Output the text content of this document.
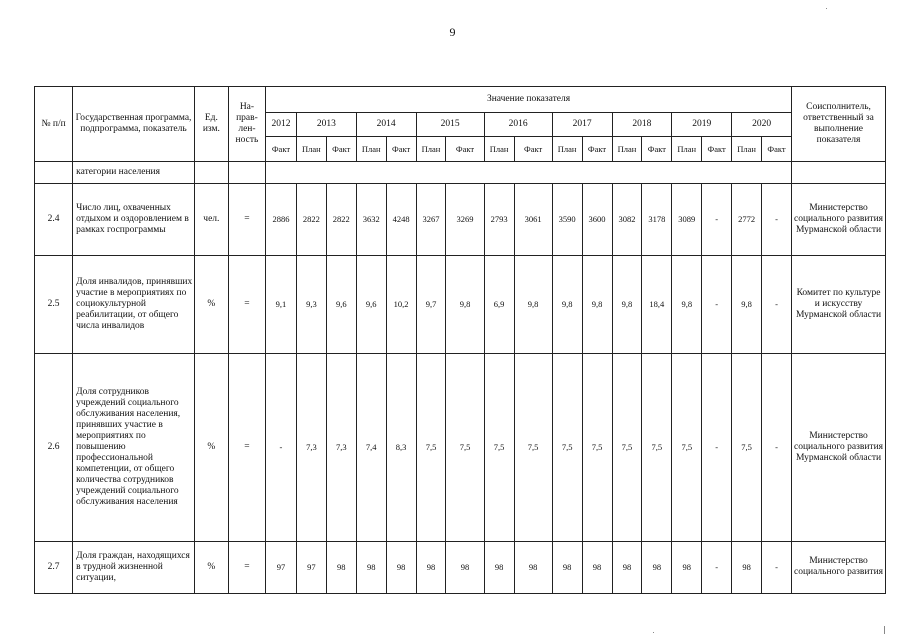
9
№ п/п	Государственная программа, подпрограмма, показатель	Ед. изм.	На-прав-лен-ность	Значение показателя																	Соисполнитель, ответственный за выполнение показателя
				2012	2013		2014		2015		2016		2017		2018		2019		2020		
				Факт	План	Факт	План	Факт	План	Факт	План	Факт	План	Факт	План	Факт	План	Факт	План	Факт	
	категории населения																				
2.4	Число лиц, охваченных отдыхом и оздоровлением в рамках госпрограммы	чел.	=	2886	2822	2822	3632	4248	3267	3269	2793	3061	3590	3600	3082	3178	3089	-	2772	-	Министерство социального развития Мурманской области
2.5	Доля инвалидов, принявших участие в мероприятиях по социокультурной реабилитации, от общего числа инвалидов	%	=	9,1	9,3	9,6	9,6	10,2	9,7	9,8	6,9	9,8	9,8	9,8	9,8	18,4	9,8	-	9,8	-	Комитет по культуре и искусству Мурманской области
2.6	Доля сотрудников учреждений социального обслуживания населения, принявших участие в мероприятиях по повышению профессиональной компетенции, от общего количества сотрудников учреждений социального обслуживания населения	%	=	-	7,3	7,3	7,4	8,3	7,5	7,5	7,5	7,5	7,5	7,5	7,5	7,5	7,5	-	7,5	-	Министерство социального развития Мурманской области
2.7	Доля граждан, находящихся в трудной жизненной ситуации,	%	=	97	97	98	98	98	98	98	98	98	98	98	98	98	98	-	98	-	Министерство социального развития
